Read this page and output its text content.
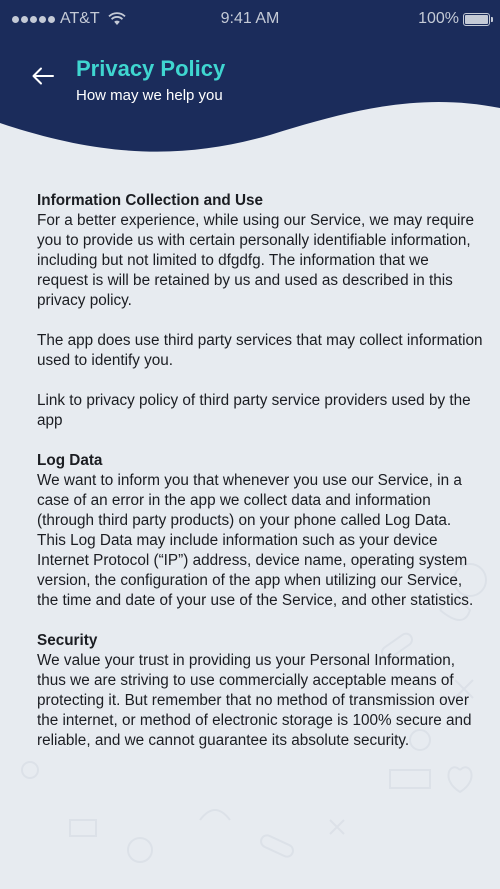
AT&T	9:41 AM	100%
Privacy Policy
How may we help you
Information Collection and Use

For a better experience, while using our Service, we may require you to provide us with certain personally identifiable information, including but not limited to dfgdfg. The information that we request is will be retained by us and used as described in this privacy policy.

The app does use third party services that may collect information used to identify you.

Link to privacy policy of third party service providers used by the app

Log Data

We want to inform you that whenever you use our Service, in a case of an error in the app we collect data and information (through third party products) on your phone called Log Data. This Log Data may include information such as your device Internet Protocol (“IP”) address, device name, operating system version, the configuration of the app when utilizing our Service, the time and date of your use of the Service, and other statistics.

Security

We value your trust in providing us your Personal Information, thus we are striving to use commercially acceptable means of protecting it. But remember that no method of transmission over the internet, or method of electronic storage is 100% secure and reliable, and we cannot guarantee its absolute security.
